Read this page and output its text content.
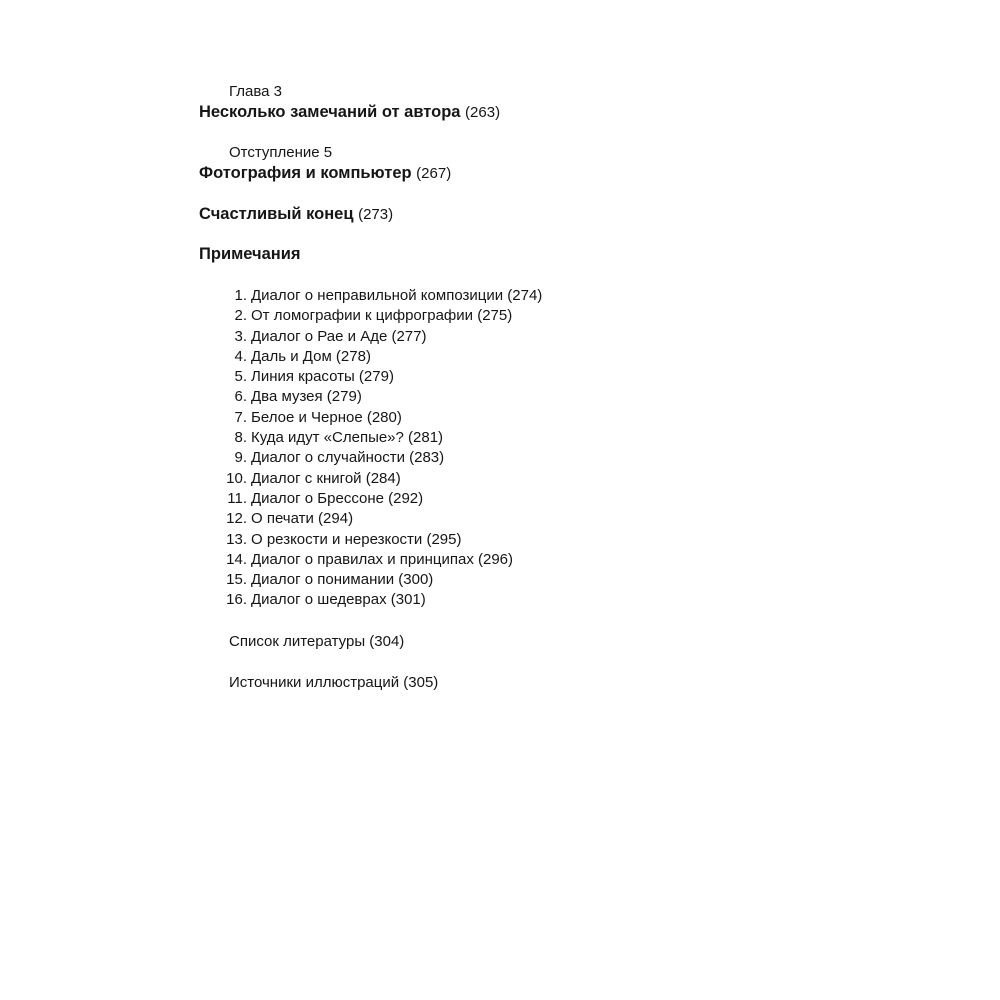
Глава 3
Несколько замечаний от автора (263)
Отступление 5
Фотография и компьютер (267)
Счастливый конец (273)
Примечания
1. Диалог о неправильной композиции (274)
2. От ломографии к цифрографии (275)
3. Диалог о Рае и Аде (277)
4. Даль и Дом (278)
5. Линия красоты (279)
6. Два музея (279)
7. Белое и Черное (280)
8. Куда идут «Слепые»? (281)
9. Диалог о случайности (283)
10. Диалог с книгой (284)
11. Диалог о Брессоне (292)
12. О печати (294)
13. О резкости и нерезкости (295)
14. Диалог о правилах и принципах (296)
15. Диалог о понимании (300)
16. Диалог о шедеврах (301)
Список литературы (304)
Источники иллюстраций (305)
